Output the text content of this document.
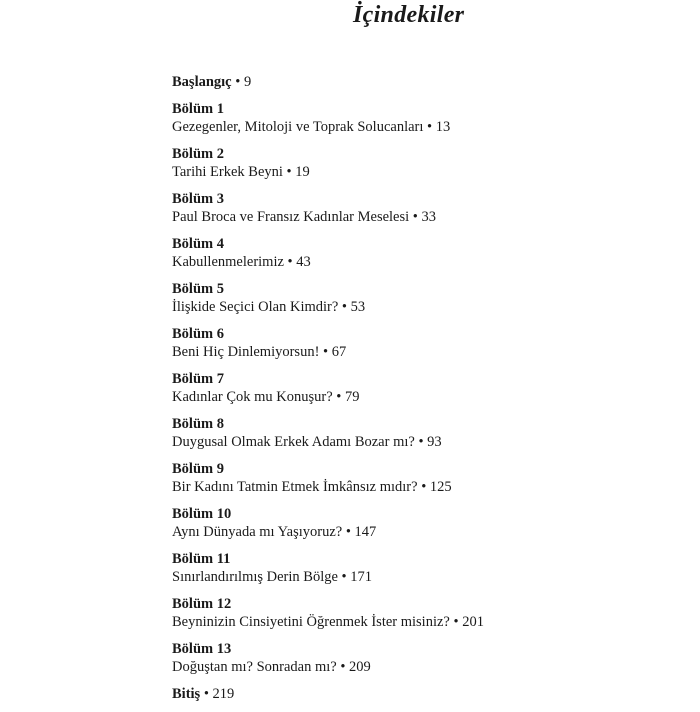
İçindekiler
Başlangıç • 9
Bölüm 1
Gezegenler, Mitoloji ve Toprak Solucanları • 13
Bölüm 2
Tarihi Erkek Beyni • 19
Bölüm 3
Paul Broca ve Fransız Kadınlar Meselesi • 33
Bölüm 4
Kabullenmelerimiz • 43
Bölüm 5
İlişkide Seçici Olan Kimdir? • 53
Bölüm 6
Beni Hiç Dinlemiyorsun! • 67
Bölüm 7
Kadınlar Çok mu Konuşur? • 79
Bölüm 8
Duygusal Olmak Erkek Adamı Bozar mı? • 93
Bölüm 9
Bir Kadını Tatmin Etmek İmkânsız mıdır? • 125
Bölüm 10
Aynı Dünyada mı Yaşıyoruz? • 147
Bölüm 11
Sınırlandırılmış Derin Bölge • 171
Bölüm 12
Beyninizin Cinsiyetini Öğrenmek İster misiniz? • 201
Bölüm 13
Doğuştan mı? Sonradan mı? • 209
Bitiş • 219
